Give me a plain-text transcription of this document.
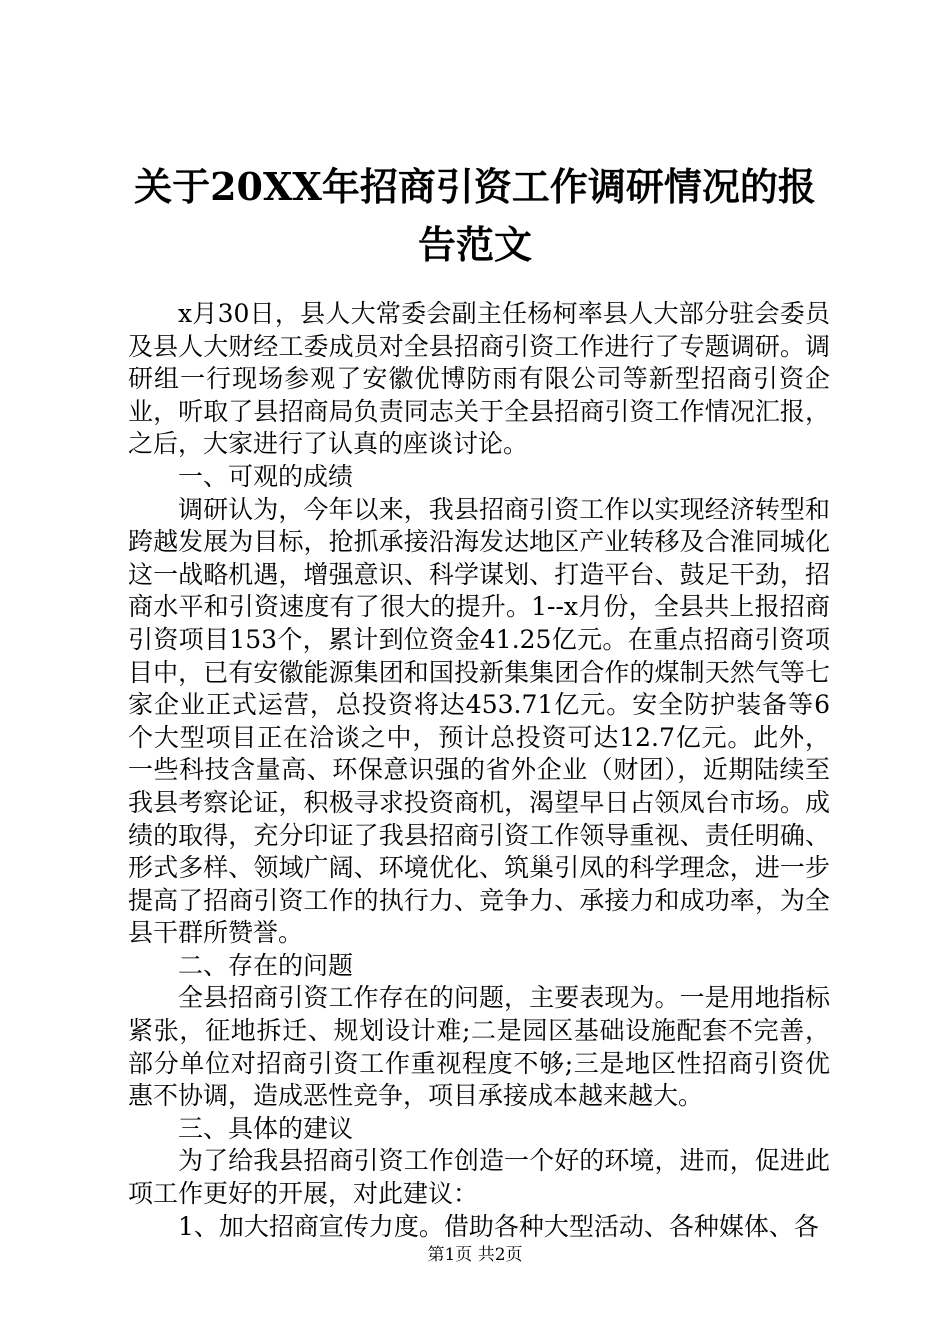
关于20XX年招商引资工作调研情况的报告范文

x月30日，县人大常委会副主任杨柯率县人大部分驻会委员及县人大财经工委成员对全县招商引资工作进行了专题调研。调研组一行现场参观了安徽优博防雨有限公司等新型招商引资企业，听取了县招商局负责同志关于全县招商引资工作情况汇报，之后，大家进行了认真的座谈讨论。

一、可观的成绩

调研认为，今年以来，我县招商引资工作以实现经济转型和跨越发展为目标，抢抓承接沿海发达地区产业转移及合淮同城化这一战略机遇，增强意识、科学谋划、打造平台、鼓足干劲，招商水平和引资速度有了很大的提升。1--x月份，全县共上报招商引资项目153个，累计到位资金41.25亿元。在重点招商引资项目中，已有安徽能源集团和国投新集集团合作的煤制天然气等七家企业正式运营，总投资将达453.71亿元。安全防护装备等6个大型项目正在洽谈之中，预计总投资可达12.7亿元。此外，一些科技含量高、环保意识强的省外企业（财团），近期陆续至我县考察论证，积极寻求投资商机，渴望早日占领凤台市场。成绩的取得，充分印证了我县招商引资工作领导重视、责任明确、形式多样、领域广阔、环境优化、筑巢引凤的科学理念，进一步提高了招商引资工作的执行力、竞争力、承接力和成功率，为全县干群所赞誉。

二、存在的问题

全县招商引资工作存在的问题，主要表现为。一是用地指标紧张，征地拆迁、规划设计难;二是园区基础设施配套不完善，部分单位对招商引资工作重视程度不够;三是地区性招商引资优惠不协调，造成恶性竞争，项目承接成本越来越大。

三、具体的建议

为了给我县招商引资工作创造一个好的环境，进而，促进此项工作更好的开展，对此建议：

1、加大招商宣传力度。借助各种大型活动、各种媒体、各

第1页 共2页
